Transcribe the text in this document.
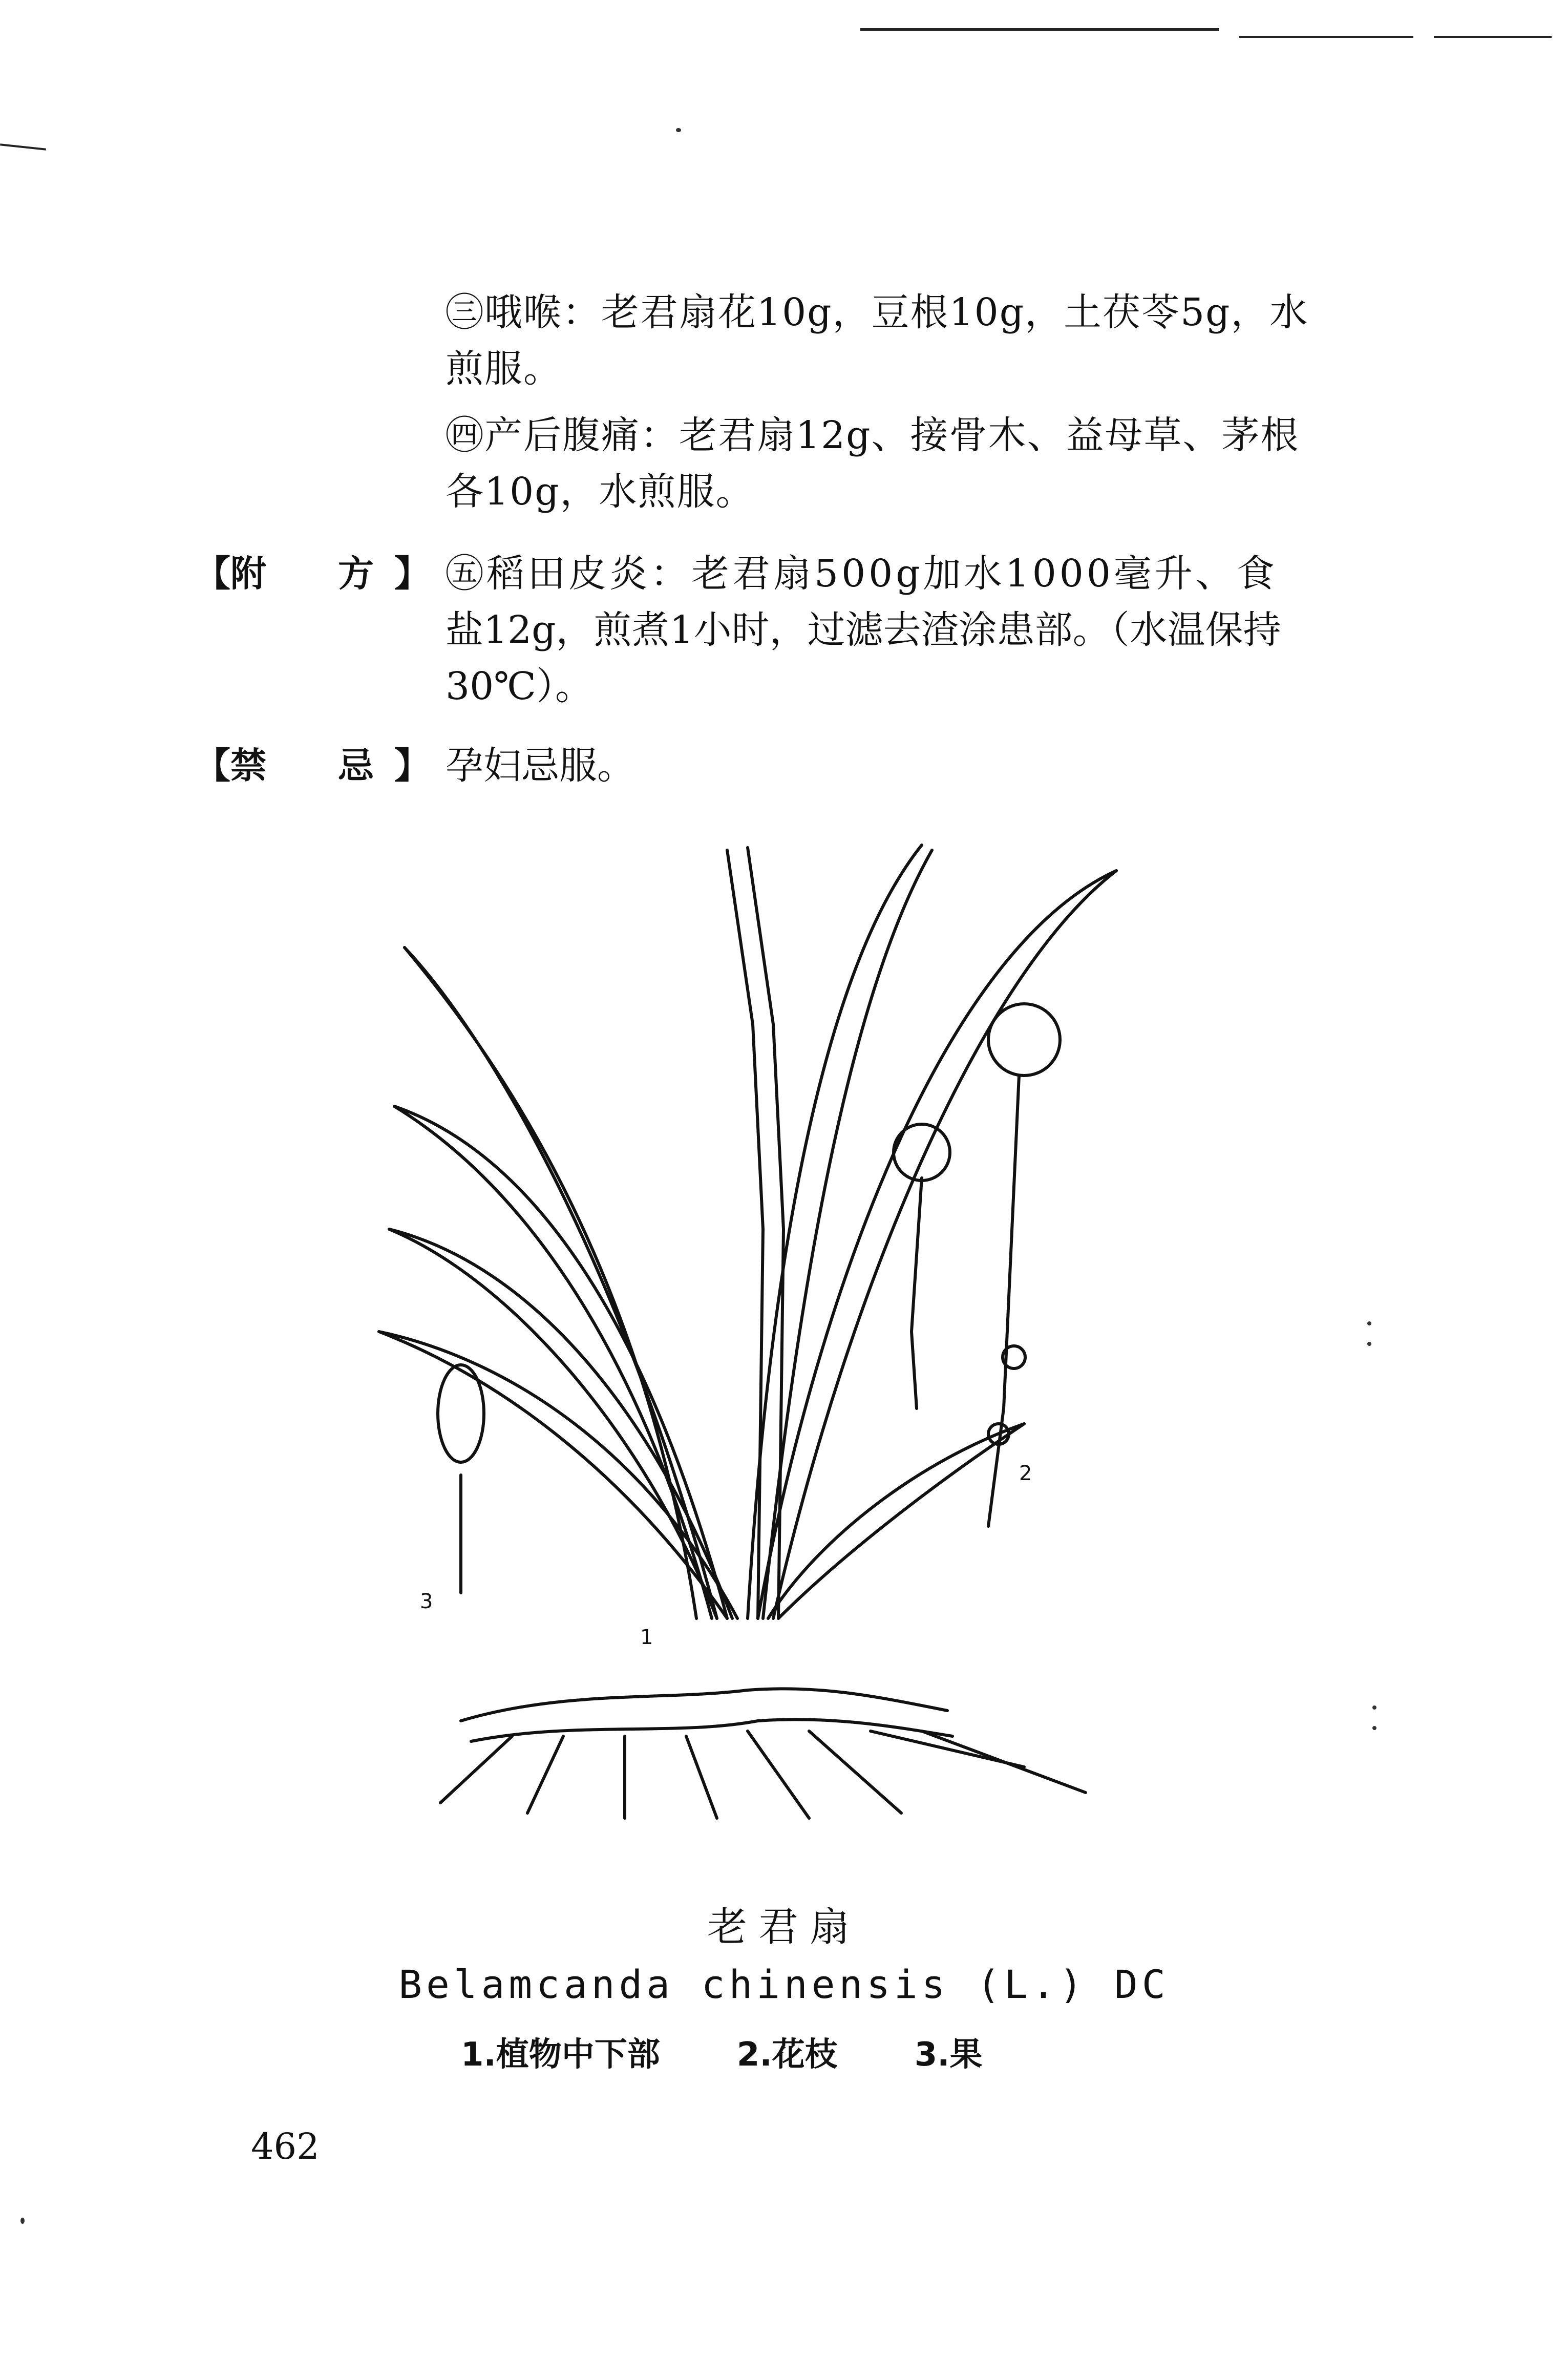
㊂哦喉：老君扇花10g，豆根10g，土茯苓5g，水

煎服。

㊃产后腹痛：老君扇12g、接骨木、益母草、茅根

各10g，水煎服。

【 附　　方 】 ㊄稻田皮炎：老君扇500g加水1000毫升、食
盐12g，煎煮1小时，过滤去渣涂患部。（水温保持
30℃）。
【 禁　　忌 】 孕妇忌服。
1
2
3
老君扇
Belamcanda chinensis (L.) DC
1.植物中下部 2.花枝 3.果
462
